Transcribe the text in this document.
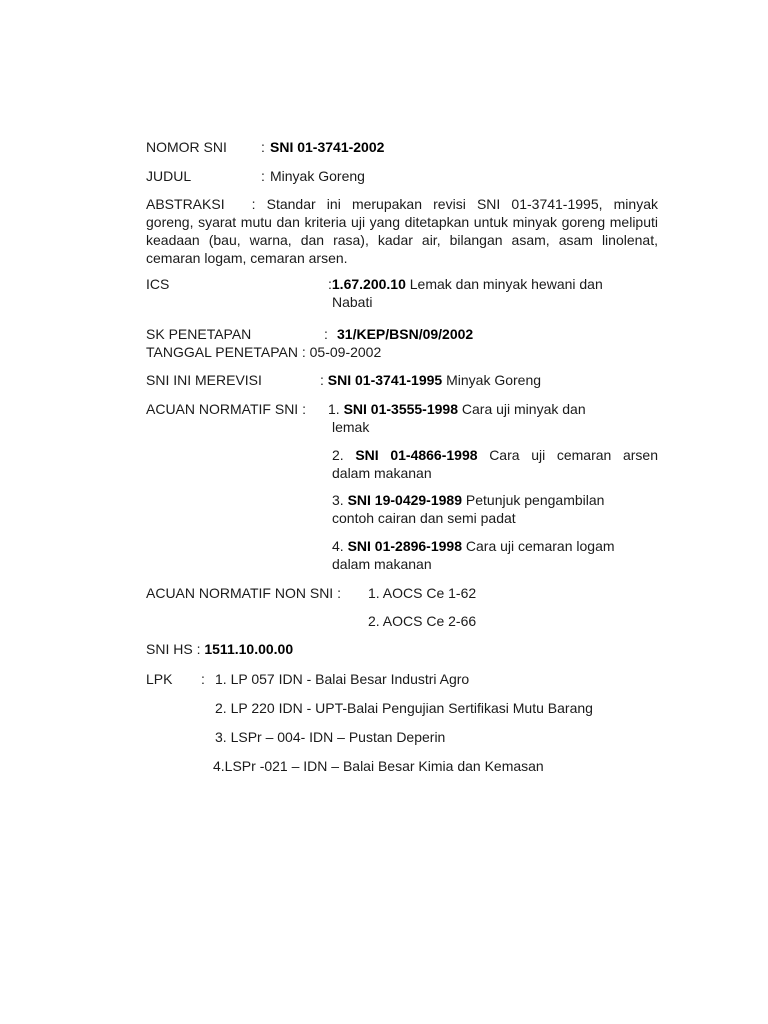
NOMOR SNI : SNI 01-3741-2002
JUDUL	: Minyak Goreng
ABSTRAKSI : Standar ini merupakan revisi SNI 01-3741-1995, minyak goreng, syarat mutu dan kriteria uji yang ditetapkan untuk minyak goreng meliputi keadaan (bau, warna, dan rasa), kadar air, bilangan asam, asam linolenat, cemaran logam, cemaran arsen.
ICS	:1.67.200.10 Lemak dan minyak hewani dan
Nabati
SK PENETAPAN	: 31/KEP/BSN/09/2002
TANGGAL PENETAPAN : 05-09-2002
SNI INI MEREVISI	: SNI 01-3741-1995 Minyak Goreng
ACUAN NORMATIF SNI : 1. SNI 01-3555-1998 Cara uji minyak dan
lemak
2. SNI 01-4866-1998 Cara uji cemaran arsen
dalam makanan
3. SNI 19-0429-1989 Petunjuk pengambilan
contoh cairan dan semi padat
4. SNI 01-2896-1998 Cara uji cemaran logam
dalam makanan
ACUAN NORMATIF NON SNI : 1. AOCS Ce 1-62
2. AOCS Ce 2-66
SNI HS : 1511.10.00.00
LPK : 1. LP 057 IDN - Balai Besar Industri Agro
2. LP 220 IDN - UPT-Balai Pengujian Sertifikasi Mutu Barang
3. LSPr – 004- IDN – Pustan Deperin
4.LSPr -021 – IDN – Balai Besar Kimia dan Kemasan
